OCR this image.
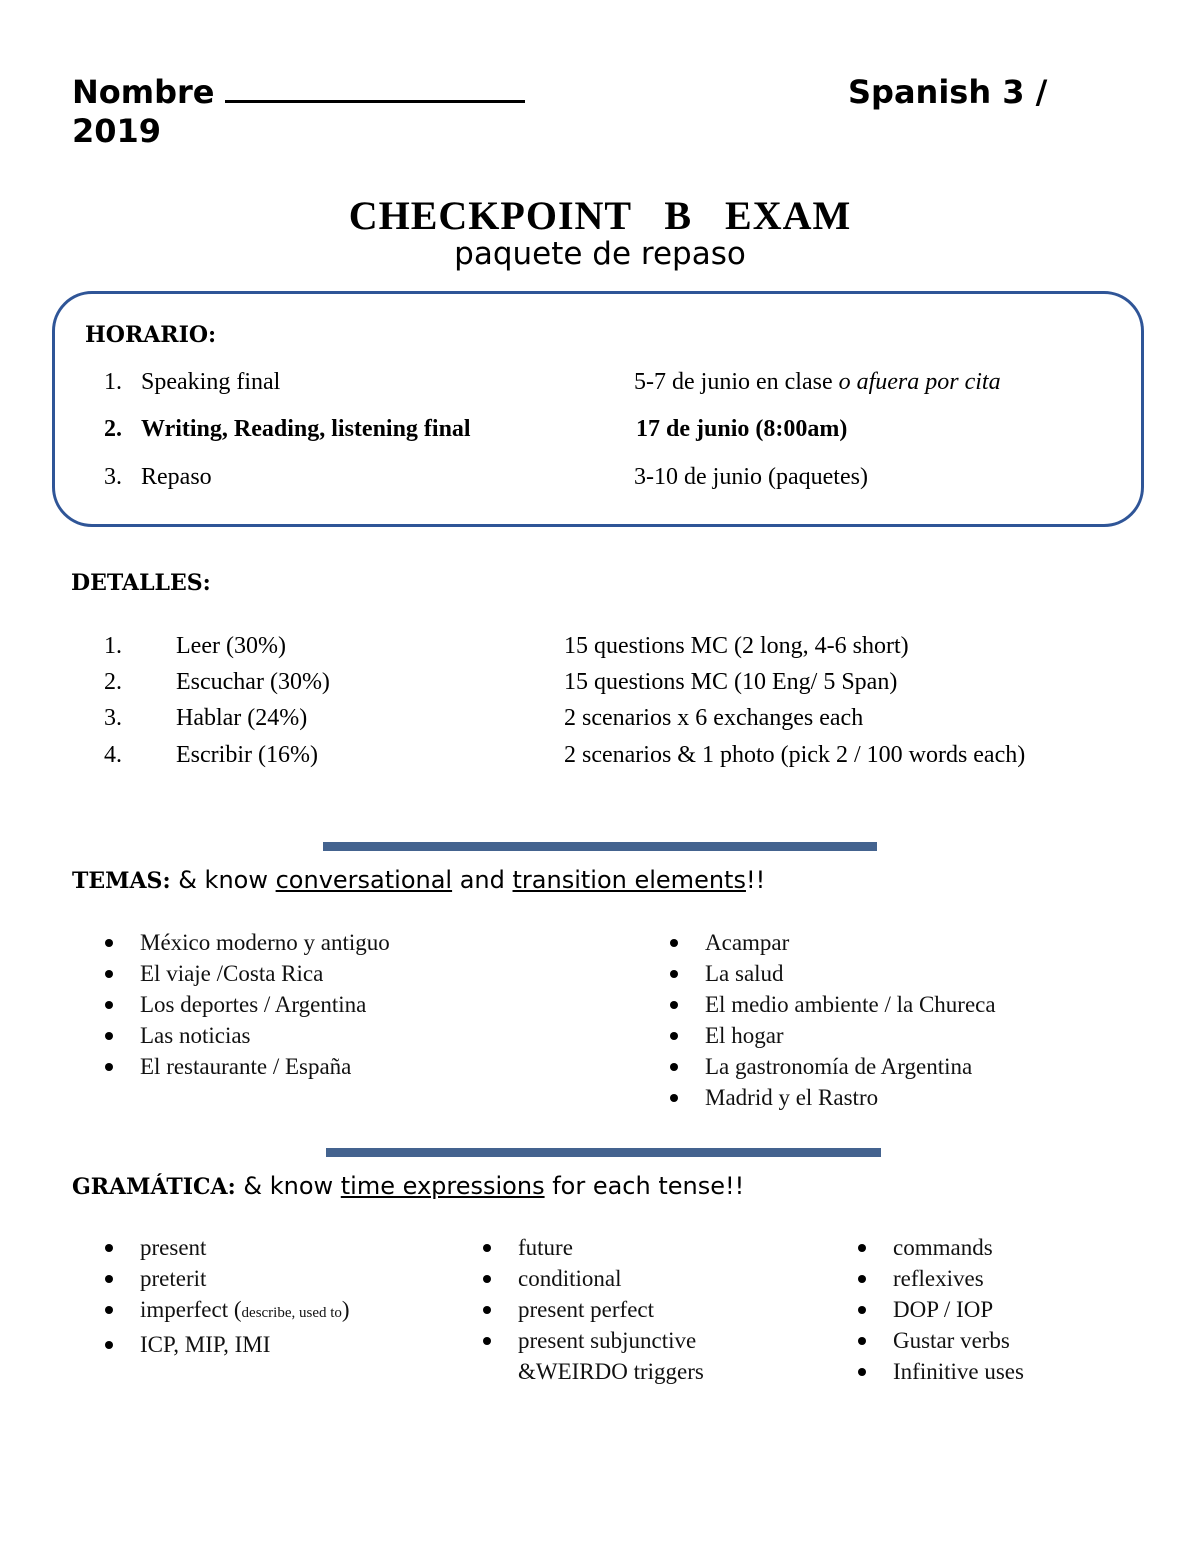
Nombre	Spanish 3 /
2019
CHECKPOINT B EXAM
paquete de repaso
HORARIO:
1. Speaking final	5-7 de junio en clase o afuera por cita
2. Writing, Reading, listening final	17 de junio (8:00am)
3. Repaso	3-10 de junio (paquetes)
DETALLES:
1. Leer (30%)	15 questions MC (2 long, 4-6 short)
2. Escuchar (30%)	15 questions MC (10 Eng/ 5 Span)
3. Hablar (24%)	2 scenarios x 6 exchanges each
4. Escribir (16%)	2 scenarios & 1 photo (pick 2 / 100 words each)
TEMAS: & know conversational and transition elements!!
México moderno y antiguo
El viaje /Costa Rica
Los deportes / Argentina
Las noticias
El restaurante / España
Acampar
La salud
El medio ambiente / la Chureca
El hogar
La gastronomía de Argentina
Madrid y el Rastro
GRAMÁTICA: & know time expressions for each tense!!
present
preterit
imperfect (describe, used to)
ICP, MIP, IMI
future
conditional
present perfect
present subjunctive
&WEIRDO triggers
commands
reflexives
DOP / IOP
Gustar verbs
Infinitive uses
